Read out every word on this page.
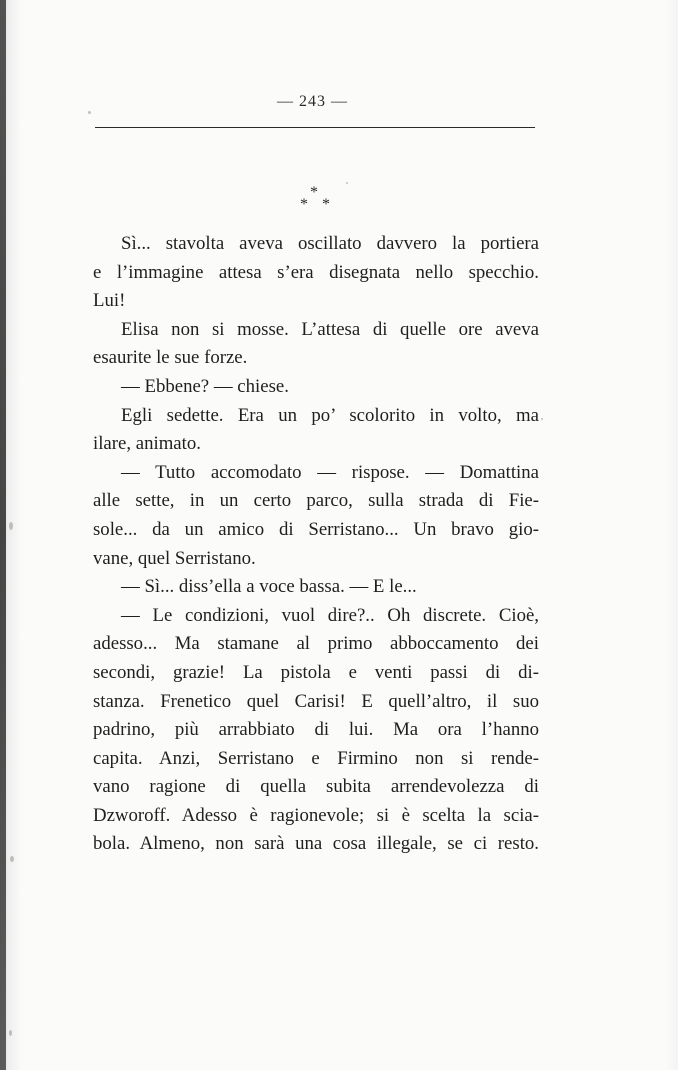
— 243 —
*
* *
Sì... stavolta aveva oscillato davvero la portiera
e l’immagine attesa s’era disegnata nello specchio.
Lui!
Elisa non si mosse. L’attesa di quelle ore aveva
esaurite le sue forze.
— Ebbene? — chiese.
Egli sedette. Era un po’ scolorito in volto, ma
ilare, animato.
— Tutto accomodato — rispose. — Domattina
alle sette, in un certo parco, sulla strada di Fie-
sole... da un amico di Serristano... Un bravo gio-
vane, quel Serristano.
— Sì... diss’ella a voce bassa. — E le...
— Le condizioni, vuol dire?.. Oh discrete. Cioè,
adesso... Ma stamane al primo abboccamento dei
secondi, grazie! La pistola e venti passi di di-
stanza. Frenetico quel Carisi! E quell’altro, il suo
padrino, più arrabbiato di lui. Ma ora l’hanno
capita. Anzi, Serristano e Firmino non si rende-
vano ragione di quella subita arrendevolezza di
Dzworoff. Adesso è ragionevole; si è scelta la scia-
bola. Almeno, non sarà una cosa illegale, se ci resto.
